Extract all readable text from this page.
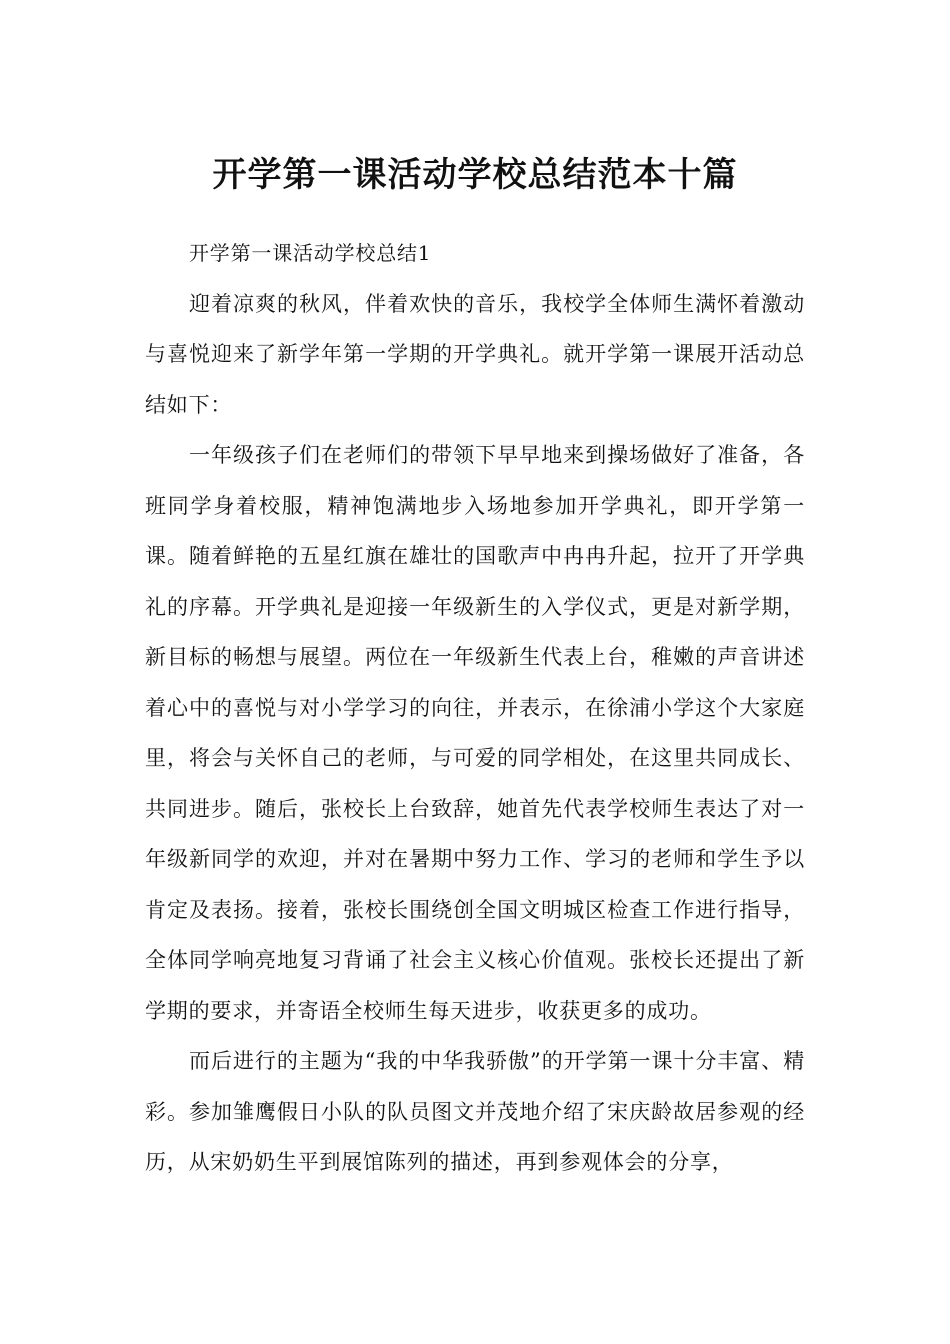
开学第一课活动学校总结范本十篇

开学第一课活动学校总结1

迎着凉爽的秋风，伴着欢快的音乐，我校学全体师生满怀着激动与喜悦迎来了新学年第一学期的开学典礼。就开学第一课展开活动总结如下：

一年级孩子们在老师们的带领下早早地来到操场做好了准备，各班同学身着校服，精神饱满地步入场地参加开学典礼，即开学第一课。随着鲜艳的五星红旗在雄壮的国歌声中冉冉升起，拉开了开学典礼的序幕。开学典礼是迎接一年级新生的入学仪式，更是对新学期，新目标的畅想与展望。两位在一年级新生代表上台，稚嫩的声音讲述着心中的喜悦与对小学学习的向往，并表示，在徐浦小学这个大家庭里，将会与关怀自己的老师，与可爱的同学相处，在这里共同成长、共同进步。随后，张校长上台致辞，她首先代表学校师生表达了对一年级新同学的欢迎，并对在暑期中努力工作、学习的老师和学生予以肯定及表扬。接着，张校长围绕创全国文明城区检查工作进行指导，全体同学响亮地复习背诵了社会主义核心价值观。张校长还提出了新学期的要求，并寄语全校师生每天进步，收获更多的成功。

而后进行的主题为“我的中华我骄傲”的开学第一课十分丰富、精彩。参加雏鹰假日小队的队员图文并茂地介绍了宋庆龄故居参观的经历，从宋奶奶生平到展馆陈列的描述，再到参观体会的分享，
